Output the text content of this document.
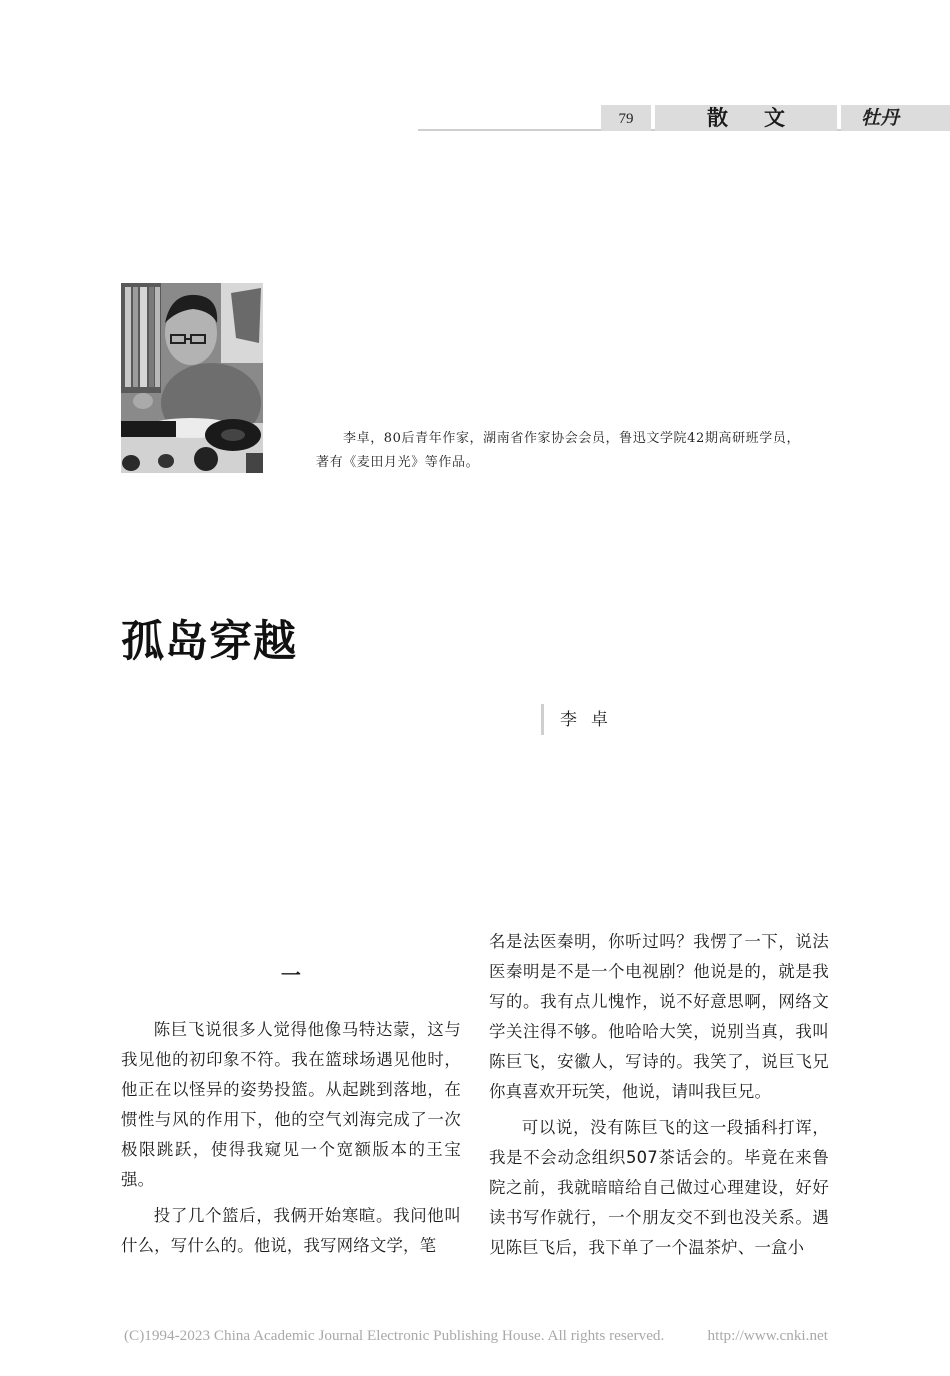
79	散文	牡丹

李卓，80后青年作家，湖南省作家协会会员，鲁迅文学院42期高研班学员，

著有《麦田月光》等作品。

孤岛穿越
李卓
一

陈巨飞说很多人觉得他像马特达蒙，这与我见他的初印象不符。我在篮球场遇见他时，他正在以怪异的姿势投篮。从起跳到落地，在惯性与风的作用下，他的空气刘海完成了一次极限跳跃，使得我窥见一个宽额版本的王宝强。

投了几个篮后，我俩开始寒暄。我问他叫什么，写什么的。他说，我写网络文学，笔

名是法医秦明，你听过吗？我愣了一下，说法医秦明是不是一个电视剧？他说是的，就是我写的。我有点儿愧怍，说不好意思啊，网络文学关注得不够。他哈哈大笑，说别当真，我叫陈巨飞，安徽人，写诗的。我笑了，说巨飞兄你真喜欢开玩笑，他说，请叫我巨兄。

可以说，没有陈巨飞的这一段插科打诨，我是不会动念组织507茶话会的。毕竟在来鲁院之前，我就暗暗给自己做过心理建设，好好读书写作就行，一个朋友交不到也没关系。遇见陈巨飞后，我下单了一个温茶炉、一盒小

(C)1994-2023 China Academic Journal Electronic Publishing House. All rights reserved.	http://www.cnki.net
